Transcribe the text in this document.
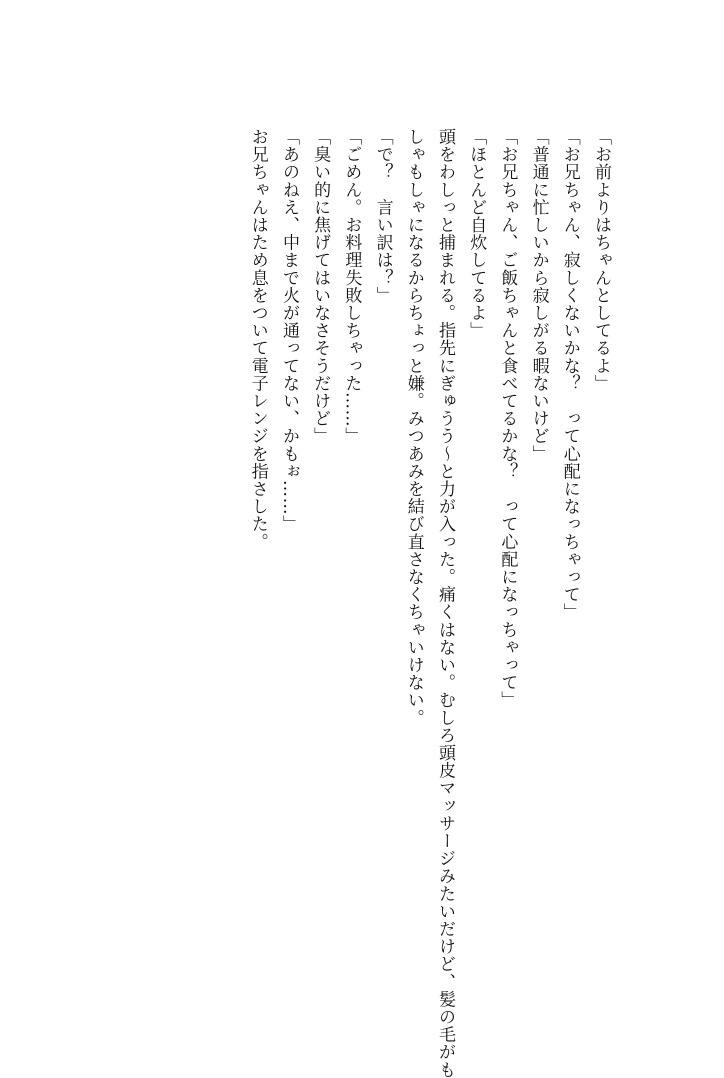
「お前よりはちゃんとしてるよ」
「お兄ちゃん、寂しくないかな？　って心配になっちゃって」
「普通に忙しいから寂しがる暇ないけど」
「お兄ちゃん、ご飯ちゃんと食べてるかな？　って心配になっちゃって」
「ほとんど自炊してるよ」
頭をわしっと捕まれる。指先にぎゅうう〜と力が入った。痛くはない。むしろ頭皮マッサージみたいだけど、髪の毛がも
しゃもしゃになるからちょっと嫌。みつあみを結び直さなくちゃいけない。
「で？　言い訳は？」
「ごめん。お料理失敗しちゃった……」
「臭い的に焦げてはいなさそうだけど」
「あのねえ、中まで火が通ってない、かもぉ……」
お兄ちゃんはため息をついて電子レンジを指さした。
